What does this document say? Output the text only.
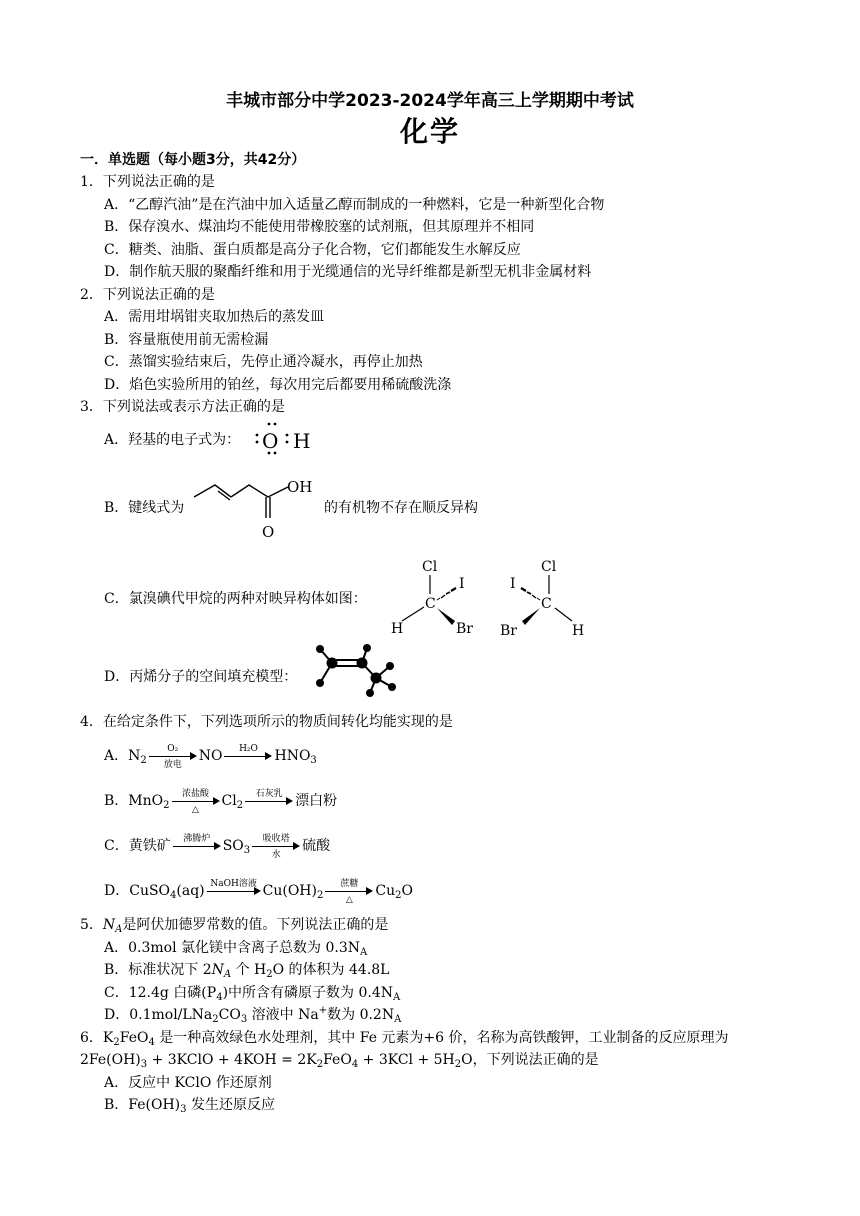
丰城市部分中学2023-2024学年高三上学期期中考试
化学
一．单选题（每小题3分，共42分）
1．下列说法正确的是
A．“乙醇汽油”是在汽油中加入适量乙醇而制成的一种燃料，它是一种新型化合物
B．保存溴水、煤油均不能使用带橡胶塞的试剂瓶，但其原理并不相同
C．糖类、油脂、蛋白质都是高分子化合物，它们都能发生水解反应
D．制作航天服的聚酯纤维和用于光缆通信的光导纤维都是新型无机非金属材料
2．下列说法正确的是
A．需用坩埚钳夹取加热后的蒸发皿
B．容量瓶使用前无需检漏
C．蒸馏实验结束后，先停止通冷凝水，再停止加热
D．焰色实验所用的铂丝，每次用完后都要用稀硫酸洗涤
3．下列说法或表示方法正确的是
A．羟基的电子式为： O H
B．键线式为
OH
O
的有机物不存在顺反异构
C．氯溴碘代甲烷的两种对映异构体如图：
Cl
C
I
H	Br
Cl
C
I
Br	H
D．丙烯分子的空间填充模型：
4．在给定条件下，下列选项所示的物质间转化均能实现的是
A．$N_2$
O₂
放电
NO	H₂O	$HNO_3$
B．MnO$_2$
浓盐酸
△
$Cl_2$
石灰乳 漂白粉
C．黄铁矿	沸腾炉 $SO_3$
吸收塔
水
硫酸
D．CuSO$_4$(aq) NaOH溶液 $Cu(OH)_2$
蔗糖
△
$Cu_2O$
5．$N_A$是阿伏加德罗常数的值。下列说法正确的是
A．0.3mol 氯化镁中含离子总数为 $0.3N_A$
B．标准状况下 $2N_A$ 个 $H_2O$ 的体积为 44.8L
C．12.4g 白磷$(P_4)$中所含有磷原子数为 $0.4N_A$
D．$0.1mol/LNa_2CO_3$ 溶液中 Na+数为 $0.2N_A$
6．$K_2FeO_4$ 是一种高效绿色水处理剂，其中 Fe 元素为+6 价，名称为高铁酸钾，工业制备的反应原理为
$2Fe(OH)_3$ + 3KClO + $4KOH = 2K_2FeO_4 + 3KCl + 5H_2O$，下列说法正确的是
A．反应中 KClO 作还原剂
B．$Fe(OH)_3$ 发生还原反应
